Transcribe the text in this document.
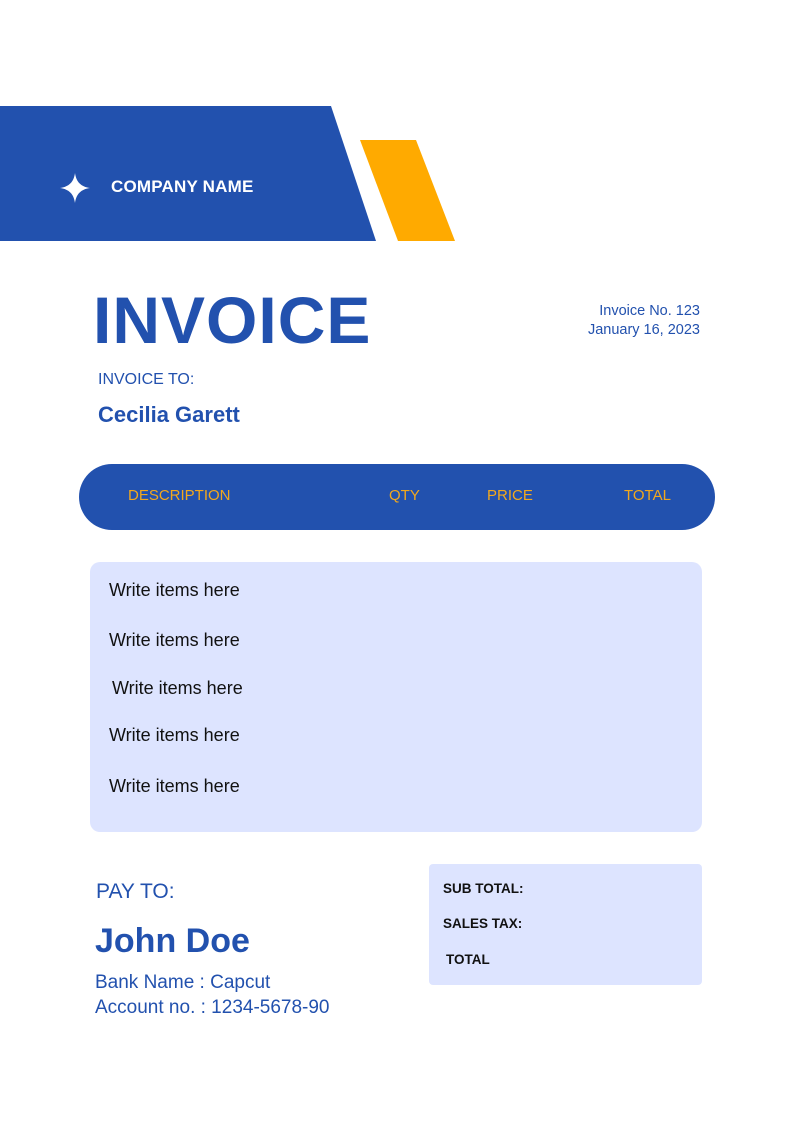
COMPANY NAME
INVOICE	Invoice No. 123
January 16, 2023
INVOICE TO:
Cecilia Garett
DESCRIPTION	QTY	PRICE	TOTAL
Write items here
Write items here
Write items here
Write items here
Write items here
PAY TO:
John Doe
Bank Name : Capcut
Account no. : 1234-5678-90
SUB TOTAL:
SALES TAX:
TOTAL
